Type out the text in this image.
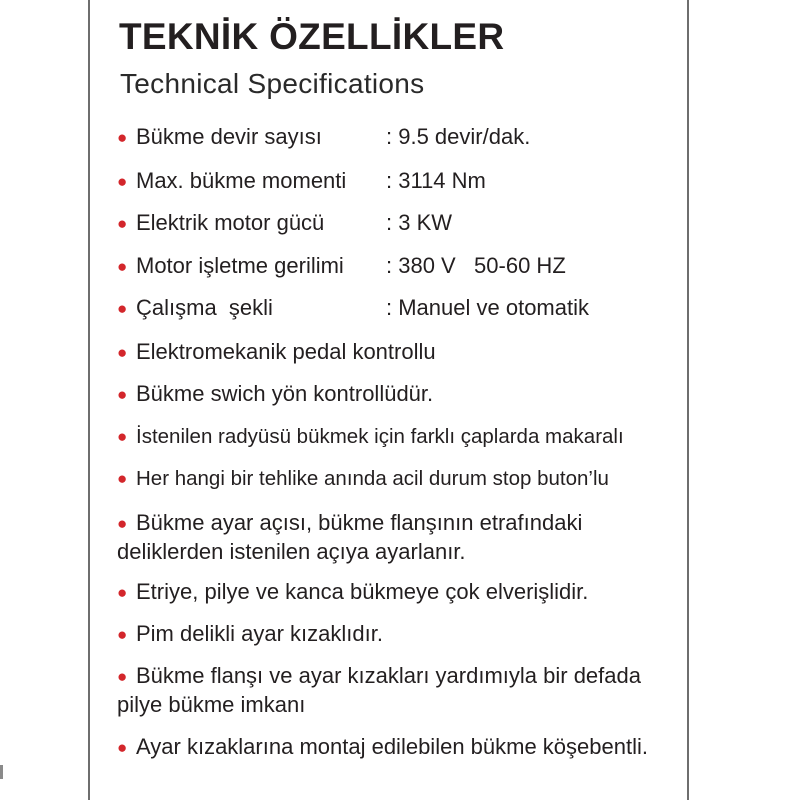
TEKNİK ÖZELLİKLER
Technical Specifications
● Bükme devir sayısı	: 9.5 devir/dak.
● Max. bükme momenti : 3114 Nm
● Elektrik motor gücü	: 3 KW
● Motor işletme gerilimi : 380 V   50-60 HZ
● Çalışma  şekli	: Manuel ve otomatik
● Elektromekanik pedal kontrollu
● Bükme swich yön kontrollüdür.
● İstenilen radyüsü bükmek için farklı çaplarda makaralı
● Her hangi bir tehlike anında acil durum stop buton’lu
● Bükme ayar açısı, bükme flanşının etrafındaki deliklerden istenilen açıya ayarlanır.
● Etriye, pilye ve kanca bükmeye çok elverişlidir.
● Pim delikli ayar kızaklıdır.
● Bükme flanşı ve ayar kızakları yardımıyla bir defada pilye bükme imkanı
● Ayar kızaklarına montaj edilebilen bükme köşebentli.
